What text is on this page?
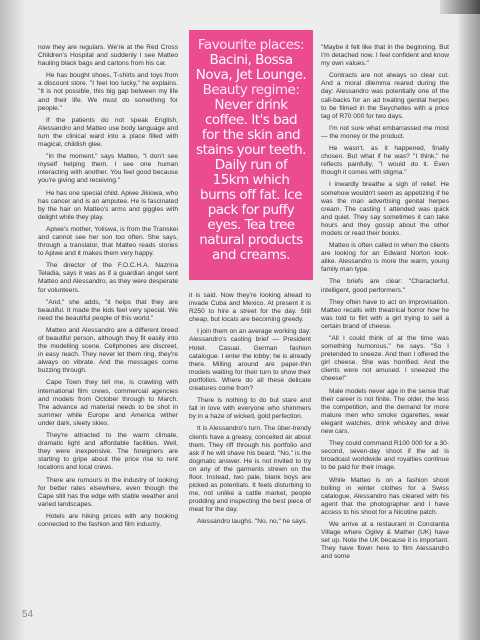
now they are regulars. We're at the Red Cross Children's Hospital and suddenly I see Matteo hauling black bags and cartons from his car.

He has bought shoes, T-shirts and toys from a discount store. "I feel too lucky," he explains. "It is not possible, this big gap between my life and their life. We must do something for people."

If the patients do not speak English, Alessandro and Matteo use body language and turn the clinical ward into a place filled with magical, childish glee.

"In the moment," says Matteo, "I don't see myself helping them. I see one human interacting with another. You feel good because you're giving and receiving."

He has one special child. Apiwe Jikiowa, who has cancer and is an amputee. He is fascinated by the hair on Matteo's arms and giggles with delight while they play.

Apiwe's mother, Yoliswa, is from the Transkei and cannot see her son too often. She says, through a translator, that Matteo reads stories to Apiwe and it makes them very happy.

The director of the F.O.C.H.A. Nazrina Teladia, says it was as if a guardian angel sent Matteo and Alessandro, as they were desperate for volunteers.

"And," she adds, "it helps that they are beautiful. It made the kids feel very special. We need the beautiful people of this world."

Matteo and Alessandro are a different breed of beautiful person, although they fit easily into the modelling scene. Cellphones are discreet, in easy reach. They never let them ring, they're always on vibrate. And the messages come buzzing through.

Cape Town they tell me, is crawling with international film crews, commercial agencies and models from October through to March. The advance ad material needs to be shot in summer while Europe and America wither under dark, sleety skies.

They're attracted to the warm climate, dramatic light and affordable facilities. Well, they were inexpensive. The foreigners are starting to gripe about the price rise to rent locations and local crews.

There are rumours in the industry of looking for better rates elsewhere, even though the Cape still has the edge with stable weather and varied landscapes.

Hotels are hiking prices with any booking connected to the fashion and film industry.

Favourite places: Bacini, Bossa Nova, Jet Lounge. Beauty regime: Never drink coffee. It's bad for the skin and stains your teeth. Daily run of 15km which burns off fat. Ice pack for puffy eyes. Tea tree natural products and creams.

it is said. Now they're looking ahead to invade Cuba and Mexico. At present it is R250 to hire a street for the day. Still cheap, but locals are becoming greedy.

I join them on an average working day: Alessandro's casting brief — President Hotel. Casual. German fashion catalogue. I enter the lobby; he is already there. Milling around are paper-thin models waiting for their turn to show their portfolios. Where do all these delicate creatures come from?

There is nothing to do but stare and fall in love with everyone who shimmers by in a haze of wicked, gold perfection.

It is Alessandro's turn. The über-trendy clients have a greasy, conceited air about them. They riff through his portfolio and ask if he will shave his beard. "No," is the dogmatic answer. He is not invited to try on any of the garments strewn on the floor. Instead, two pale, blank boys are picked as potentials. It feels disturbing to me, not unlike a cattle market, people prodding and inspecting the best piece of meat for the day.

Alessandro laughs. "No, no," he says.

"Maybe it felt like that in the beginning. But I'm detached now. I feel confident and know my own values."

Contracts are not always so clear cut. And a moral dilemma reared during the day: Alessandro was potentially one of the call-backs for an ad treating genital herpes to be filmed in the Seychelles with a price tag of R70 000 for two days.

I'm not sure what embarrassed me most — the money or the product.

He wasn't, as it happened, finally chosen. But what if he was? "I think," he reflects painfully, "I would do it. Even though it comes with stigma."

I inwardly breathe a sigh of relief. He somehow wouldn't seem as appetizing if he was the man advertising genital herpes cream. The casting I attended was quick and quiet. They say sometimes it can take hours and they gossip about the other models or read their books.

Matteo is often called in when the clients are looking for an Edward Norton look-alike. Alessandro is more the warm, young family man type.

The briefs are clear: "Characterful, intelligent, good performers."

They often have to act on improvisation. Matteo recalls with theatrical horror how he was told to flirt with a girl trying to sell a certain brand of cheese.

"All I could think of at the time was something humorous," he says. "So I pretended to sneeze. And then I offered the girl cheese. She was horrified. And the clients were not amused. I sneezed the cheese!"

Male models never age in the sense that their career is not finite. The older, the less the competition, and the demand for more mature men who smoke cigarettes, wear elegant watches, drink whiskey and drive new cars.

They could command R100 000 for a 30-second, seven-day shoot if the ad is broadcast worldwide and royalties continue to be paid for their image.

While Matteo is on a fashion shoot boiling in winter clothes for a Swiss catalogue, Alessandro has cleared with his agent that the photographer and I have access to his shoot for a Nicotine patch.

We arrive at a restaurant in Constantia Village where Ogilvy & Mather (UK) have set up. Note the UK because it is important. They have flown here to film Alessandro and some

54
